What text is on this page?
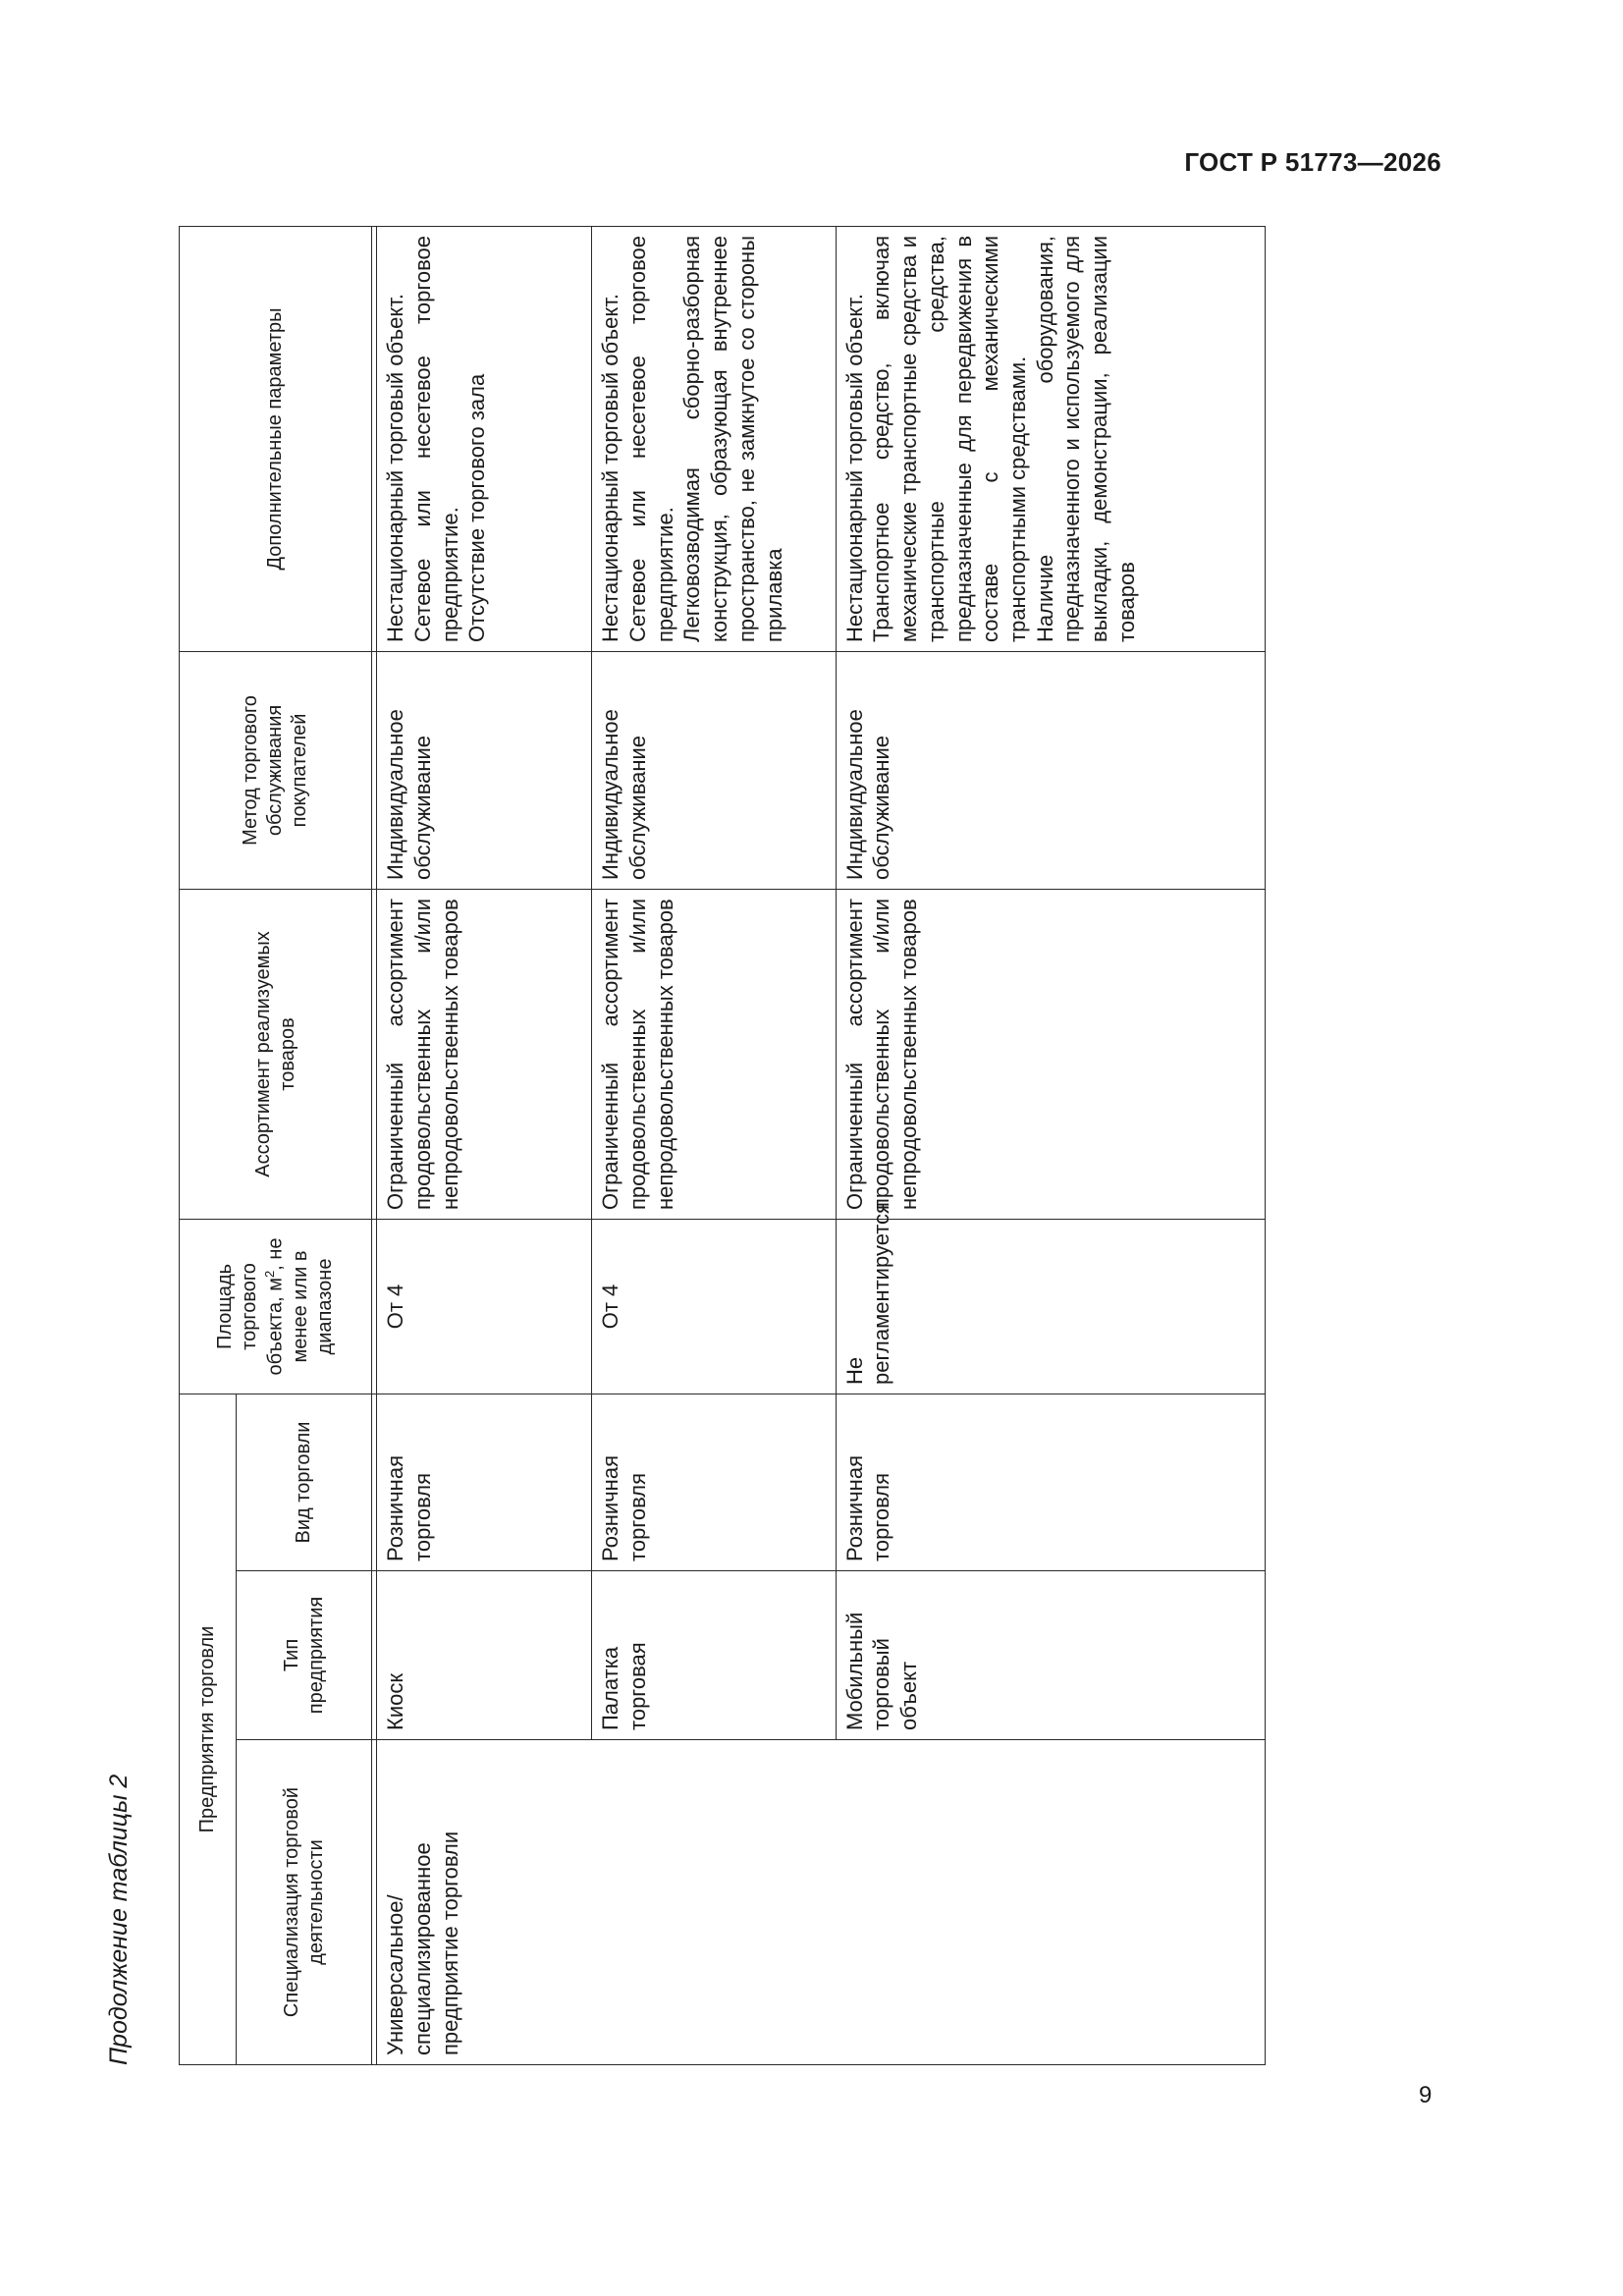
ГОСТ Р 51773—2026
9
Продолжение таблицы 2
Предприятия торговли			Площадь торгового объекта, $м^2$, не менее или в диапазоне	Ассортимент реализуемых товаров	Метод торгового обслуживания покупателей	Дополнительные параметры
Специализация торговой деятельности	Тип предприятия	Вид торговли				

Универсальное/специализированное предприятие торговли	Киоск	Розничная торговля	От 4	Ограниченный ассортимент продовольственных и/или непродовольственных товаров	Индивидуальное обслуживание	Нестационарный торговый объект. Сетевое или несетевое торговое предприятие. Отсутствие торгового зала

	Палатка торговая	Розничная торговля	От 4	Ограниченный ассортимент продовольственных и/или непродовольственных товаров	Индивидуальное обслуживание	Нестационарный торговый объект. Сетевое или несетевое торговое предприятие. Легковозводимая сборно-разборная конструкция, образующая внутреннее пространство, не замкнутое со стороны прилавка

	Мобильный торговый объект	Розничная торговля	Не регламентируется	Ограниченный ассортимент продовольственных и/или непродовольственных товаров	Индивидуальное обслуживание	Нестационарный торговый объект. Транспортное средство, включая механические транспортные средства и транспортные средства, предназначенные для передвижения в составе с механическими транспортными средствами. Наличие оборудования, предназначенного и используемого для выкладки, демонстрации, реализации товаров
